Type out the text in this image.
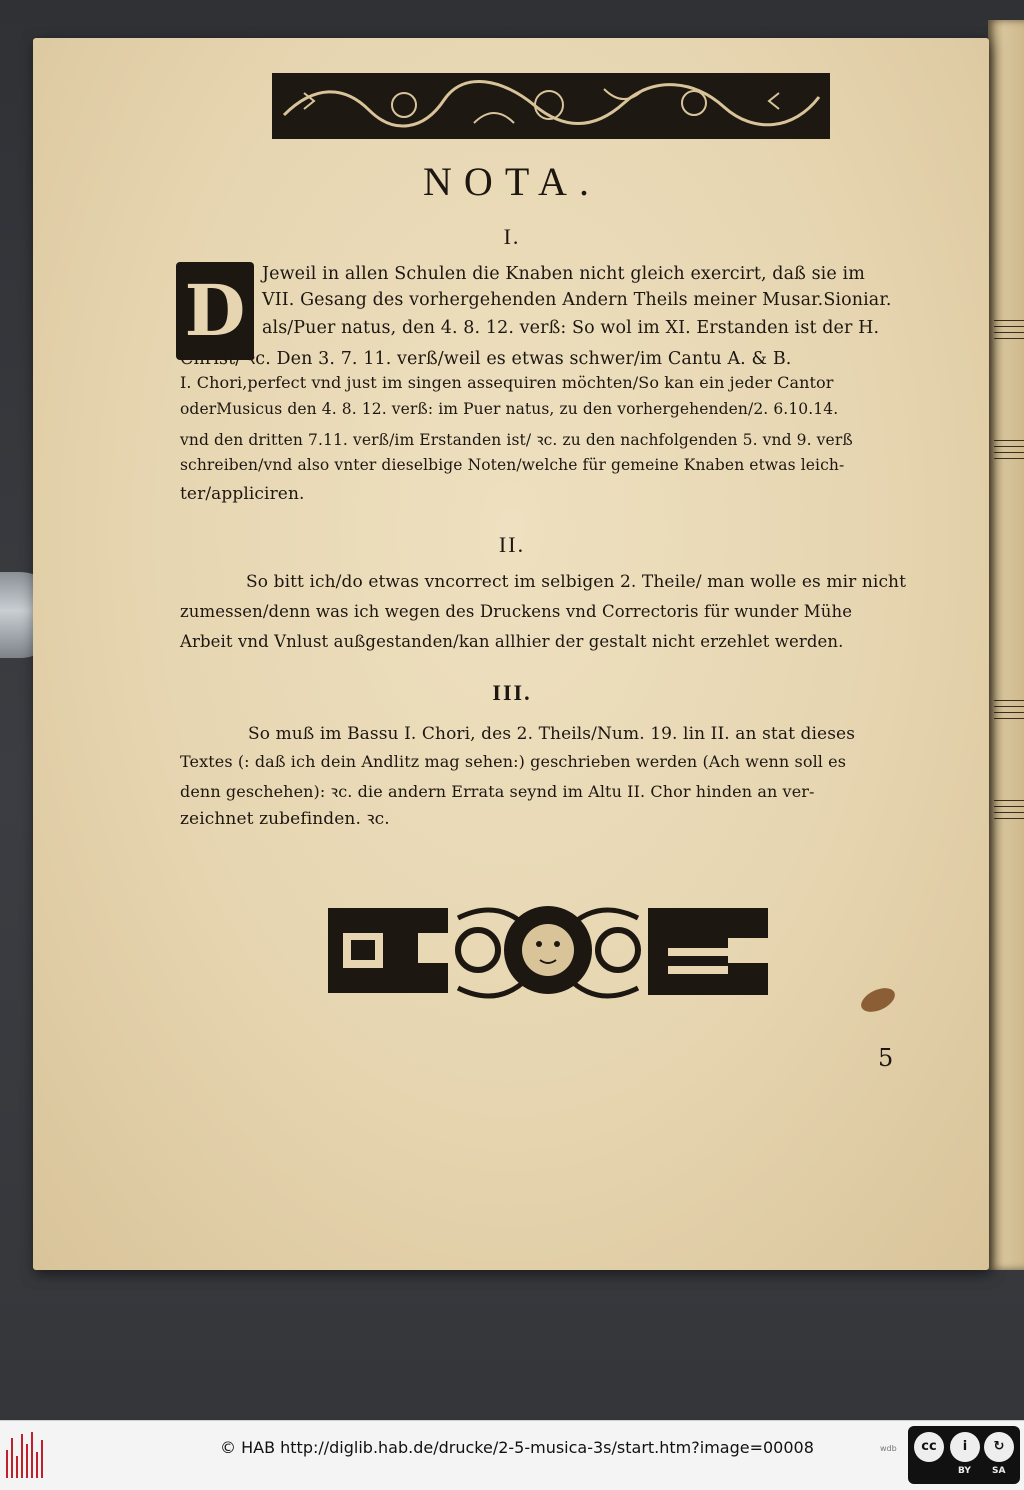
NOTA.
I.
D Jeweil in allen Schulen die Knaben nicht gleich exercirt, daß sie im
VII. Gesang des vorhergehenden Andern Theils meiner Musar.Sioniar.
als/Puer natus, den 4. 8. 12. verß: So wol im XI. Erstanden ist der H.
Christ/ ꝛc. Den 3. 7. 11. verß/weil es etwas schwer/im Cantu A. & B.
I. Chori,perfect vnd just im singen assequiren möchten/So kan ein jeder Cantor
oderMusicus den 4. 8. 12. verß: im Puer natus, zu den vorhergehenden/2. 6.10.14.
vnd den dritten 7.11. verß/im Erstanden ist/ ꝛc. zu den nachfolgenden 5. vnd 9. verß
schreiben/vnd also vnter dieselbige Noten/welche für gemeine Knaben etwas leich-
ter/appliciren.
II.
So bitt ich/do etwas vncorrect im selbigen 2. Theile/ man wolle es mir nicht
zumessen/denn was ich wegen des Druckens vnd Correctoris für wunder Mühe
Arbeit vnd Vnlust außgestanden/kan allhier der gestalt nicht erzehlet werden.
III.
So muß im Bassu I. Chori, des 2. Theils/Num. 19. lin II. an stat dieses
Textes (: daß ich dein Andlitz mag sehen:) geschrieben werden (Ach wenn soll es
denn geschehen): ꝛc. die andern Errata seynd im Altu II. Chor hinden an ver-
zeichnet zubefinden. ꝛc.
5
© HAB http://diglib.hab.de/drucke/2-5-musica-3s/start.htm?image=00008	wdb	cc	i	↻
BY SA
